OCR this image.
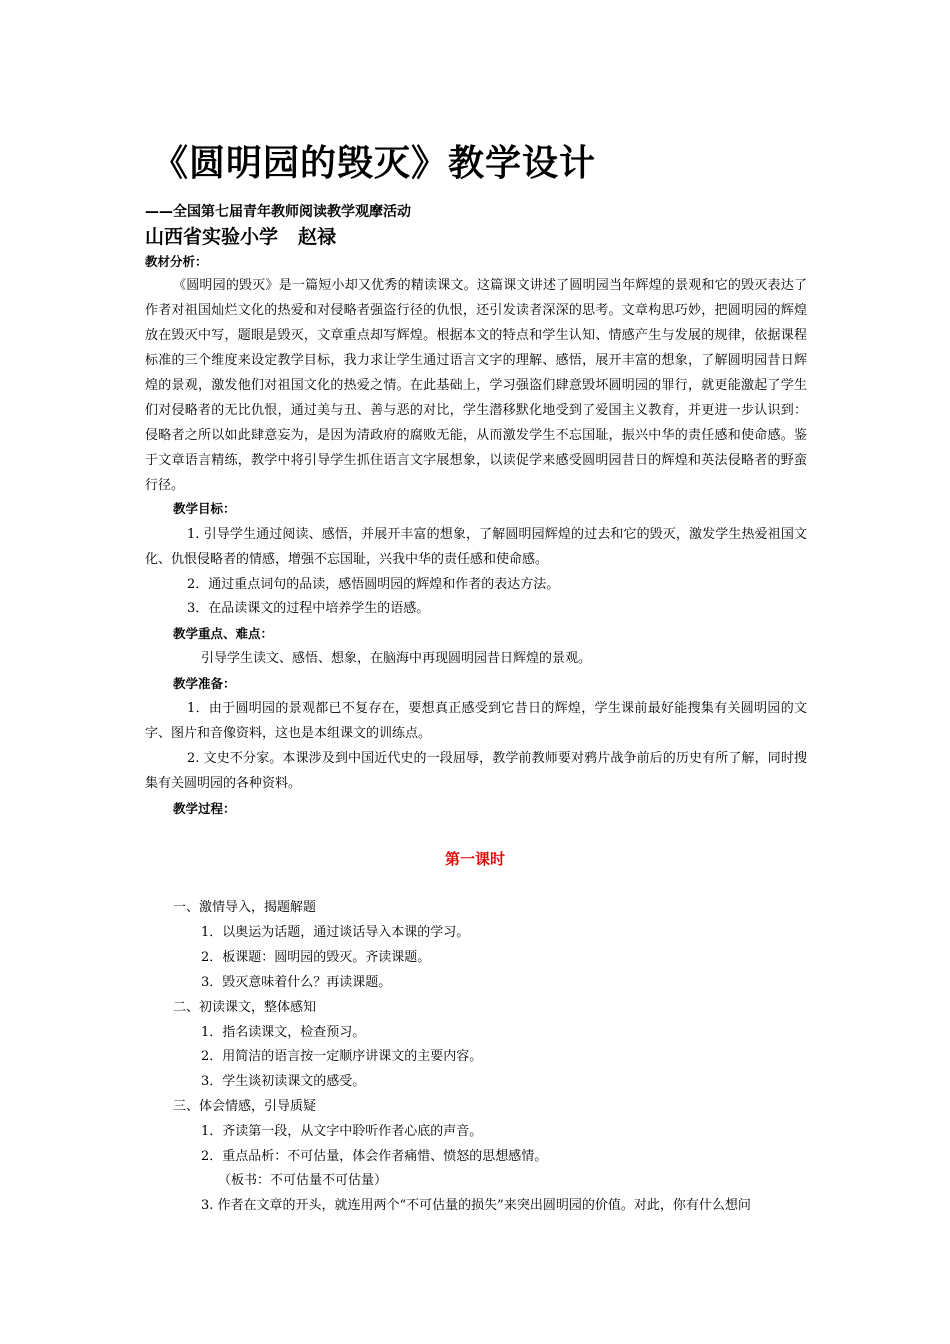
《圆明园的毁灭》教学设计
——全国第七届青年教师阅读教学观摩活动
山西省实验小学 赵禄
教材分析：
《圆明园的毁灭》是一篇短小却又优秀的精读课文。这篇课文讲述了圆明园当年辉煌的景观和它的毁灭表达了作者对祖国灿烂文化的热爱和对侵略者强盗行径的仇恨，还引发读者深深的思考。文章构思巧妙，把圆明园的辉煌放在毁灭中写，题眼是毁灭，文章重点却写辉煌。根据本文的特点和学生认知、情感产生与发展的规律，依据课程标准的三个维度来设定教学目标，我力求让学生通过语言文字的理解、感悟，展开丰富的想象，了解圆明园昔日辉煌的景观，激发他们对祖国文化的热爱之情。在此基础上，学习强盗们肆意毁坏圆明园的罪行，就更能激起了学生们对侵略者的无比仇恨，通过美与丑、善与恶的对比，学生潜移默化地受到了爱国主义教育，并更进一步认识到：侵略者之所以如此肆意妄为，是因为清政府的腐败无能，从而激发学生不忘国耻，振兴中华的责任感和使命感。鉴于文章语言精练，教学中将引导学生抓住语言文字展想象，以读促学来感受圆明园昔日的辉煌和英法侵略者的野蛮行径。
教学目标：
1. 引导学生通过阅读、感悟，并展开丰富的想象，了解圆明园辉煌的过去和它的毁灭，激发学生热爱祖国文化、仇恨侵略者的情感，增强不忘国耻，兴我中华的责任感和使命感。
2．通过重点词句的品读，感悟圆明园的辉煌和作者的表达方法。
3．在品读课文的过程中培养学生的语感。
教学重点、难点：
引导学生读文、感悟、想象，在脑海中再现圆明园昔日辉煌的景观。
教学准备：
1．由于圆明园的景观都已不复存在，要想真正感受到它昔日的辉煌，学生课前最好能搜集有关圆明园的文字、图片和音像资料，这也是本组课文的训练点。
2. 文史不分家。本课涉及到中国近代史的一段屈辱，教学前教师要对鸦片战争前后的历史有所了解，同时搜集有关圆明园的各种资料。
教学过程：
第一课时
一、激情导入，揭题解题
1．以奥运为话题，通过谈话导入本课的学习。
2．板课题：圆明园的毁灭。齐读课题。
3．毁灭意味着什么？再读课题。
二、初读课文，整体感知
1．指名读课文，检查预习。
2．用简洁的语言按一定顺序讲课文的主要内容。
3．学生谈初读课文的感受。
三、体会情感，引导质疑
1．齐读第一段，从文字中聆听作者心底的声音。
2．重点品析：不可估量，体会作者痛惜、愤怒的思想感情。
（板书：不可估量不可估量）
3. 作者在文章的开头，就连用两个“不可估量的损失”来突出圆明园的价值。对此，你有什么想问
